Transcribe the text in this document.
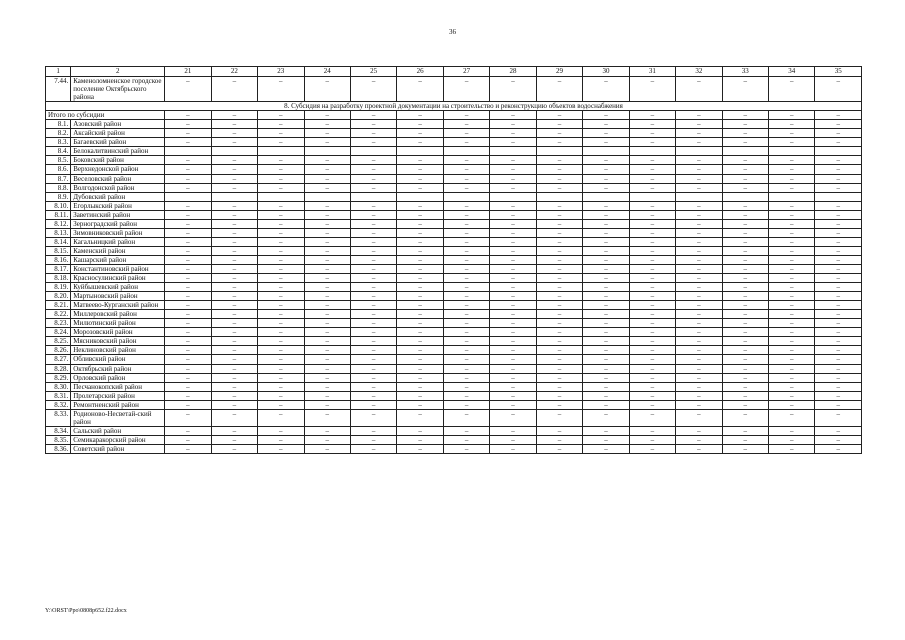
36
1	2	21	22	23	24	25	26	27	28	29	30	31	32	33	34	35
7.44.	Каменоломненское городское поселение Октябрьского района	–	–	–	–	–	–	–	–	–	–	–	–	–	–	–
8. Субсидия на разработку проектной документации на строительство и реконструкцию объектов водоснабжения																
Итого по субсидии		–	–	–	–	–	–	–	–	–	–	–	–	–	–	–
8.1.	Азовский район	–	–	–	–	–	–	–	–	–	–	–	–	–	–	–
8.2.	Аксайский район	–	–	–	–	–	–	–	–	–	–	–	–	–	–	–
8.3.	Багаевский район	–	–	–	–	–	–	–	–	–	–	–	–	–	–	–
8.4.	Белокалитвинский район															
8.5.	Боковский район	–	–	–	–	–	–	–	–	–	–	–	–	–	–	–
8.6.	Верхнедонской район	–	–	–	–	–	–	–	–	–	–	–	–	–	–	–
8.7.	Веселовский район	–	–	–	–	–	–	–	–	–	–	–	–	–	–	–
8.8.	Волгодонской район	–	–	–	–	–	–	–	–	–	–	–	–	–	–	–
8.9.	Дубовский район															
8.10.	Егорлыкский район	–	–	–	–	–	–	–	–	–	–	–	–	–	–	–
8.11.	Заветинский район	–	–	–	–	–	–	–	–	–	–	–	–	–	–	–
8.12.	Зерноградский район	–	–	–	–	–	–	–	–	–	–	–	–	–	–	–
8.13.	Зимовниковский район	–	–	–	–	–	–	–	–	–	–	–	–	–	–	–
8.14.	Кагальницкий район	–	–	–	–	–	–	–	–	–	–	–	–	–	–	–
8.15.	Каменский район	–	–	–	–	–	–	–	–	–	–	–	–	–	–	–
8.16.	Кашарский район	–	–	–	–	–	–	–	–	–	–	–	–	–	–	–
8.17.	Константиновский район	–	–	–	–	–	–	–	–	–	–	–	–	–	–	–
8.18.	Красносулинский район	–	–	–	–	–	–	–	–	–	–	–	–	–	–	–
8.19.	Куйбышевский район	–	–	–	–	–	–	–	–	–	–	–	–	–	–	–
8.20.	Мартыновский район	–	–	–	–	–	–	–	–	–	–	–	–	–	–	–
8.21.	Матвеево-Курганский район	–	–	–	–	–	–	–	–	–	–	–	–	–	–	–
8.22.	Миллеровский район	–	–	–	–	–	–	–	–	–	–	–	–	–	–	–
8.23.	Милютинский район	–	–	–	–	–	–	–	–	–	–	–	–	–	–	–
8.24.	Морозовский район	–	–	–	–	–	–	–	–	–	–	–	–	–	–	–
8.25.	Мясниковский район	–	–	–	–	–	–	–	–	–	–	–	–	–	–	–
8.26.	Неклиновский район	–	–	–	–	–	–	–	–	–	–	–	–	–	–	–
8.27.	Обливский район	–	–	–	–	–	–	–	–	–	–	–	–	–	–	–
8.28.	Октябрьский район	–	–	–	–	–	–	–	–	–	–	–	–	–	–	–
8.29.	Орловский район	–	–	–	–	–	–	–	–	–	–	–	–	–	–	–
8.30.	Песчанокопский район	–	–	–	–	–	–	–	–	–	–	–	–	–	–	–
8.31.	Пролетарский район	–	–	–	–	–	–	–	–	–	–	–	–	–	–	–
8.32.	Ремонтненский район	–	–	–	–	–	–	–	–	–	–	–	–	–	–	–
8.33.	Родионово-Несветай-ский район	–	–	–	–	–	–	–	–	–	–	–	–	–	–	–
8.34.	Сальский район	–	–	–	–	–	–	–	–	–	–	–	–	–	–	–
8.35.	Семикаракорский район	–	–	–	–	–	–	–	–	–	–	–	–	–	–	–
8.36.	Советский район	–	–	–	–	–	–	–	–	–	–	–	–	–	–	–
Y:\ORST\Ppo\0808p652.f22.docx
